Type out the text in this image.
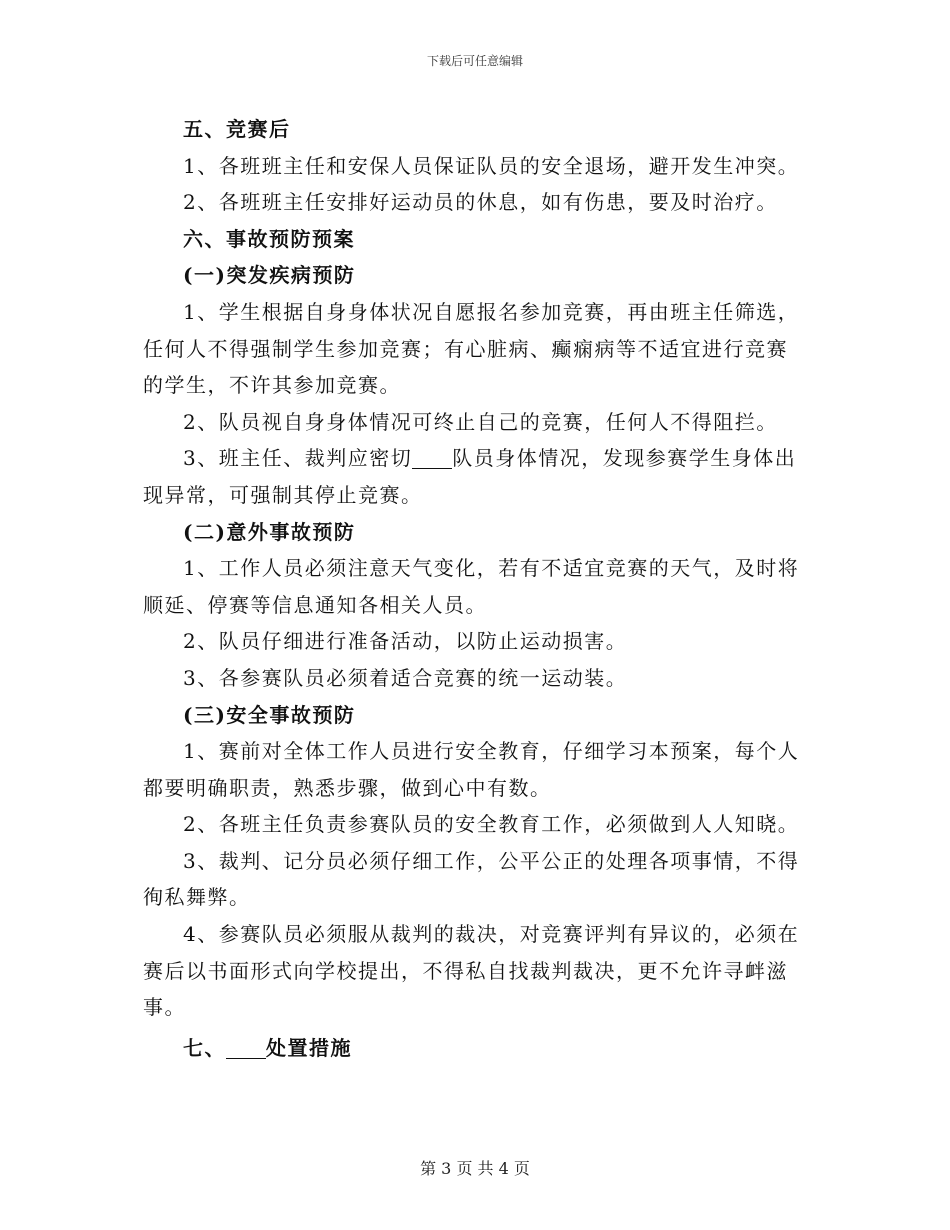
下载后可任意编辑

五、竞赛后

1、各班班主任和安保人员保证队员的安全退场，避开发生冲突。

2、各班班主任安排好运动员的休息，如有伤患，要及时治疗。

六、事故预防预案

(一)突发疾病预防

1、学生根据自身身体状况自愿报名参加竞赛，再由班主任筛选，任何人不得强制学生参加竞赛；有心脏病、癫痫病等不适宜进行竞赛的学生，不许其参加竞赛。

2、队员视自身身体情况可终止自己的竞赛，任何人不得阻拦。

3、班主任、裁判应密切 队员身体情况，发现参赛学生身体出现异常，可强制其停止竞赛。

(二)意外事故预防

1、工作人员必须注意天气变化，若有不适宜竞赛的天气，及时将顺延、停赛等信息通知各相关人员。

2、队员仔细进行准备活动，以防止运动损害。

3、各参赛队员必须着适合竞赛的统一运动装。

(三)安全事故预防

1、赛前对全体工作人员进行安全教育，仔细学习本预案，每个人都要明确职责，熟悉步骤，做到心中有数。

2、各班主任负责参赛队员的安全教育工作，必须做到人人知晓。

3、裁判、记分员必须仔细工作，公平公正的处理各项事情，不得徇私舞弊。

4、参赛队员必须服从裁判的裁决，对竞赛评判有异议的，必须在赛后以书面形式向学校提出，不得私自找裁判裁决，更不允许寻衅滋事。

七、 处置措施

第 3 页 共 4 页
